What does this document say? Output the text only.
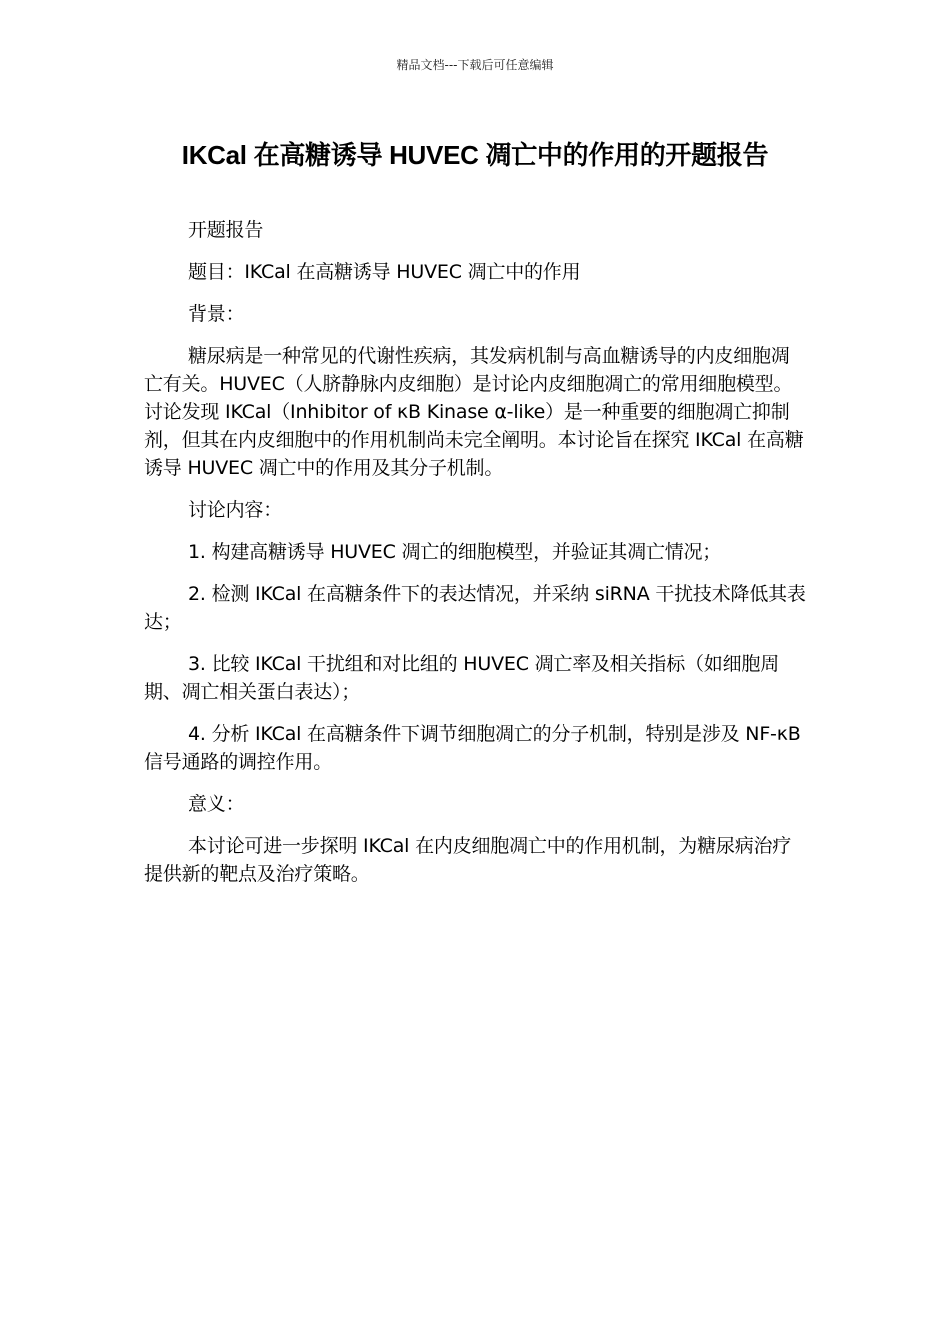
精品文档---下载后可任意编辑
IKCal 在高糖诱导 HUVEC 凋亡中的作用的开题报告

开题报告

题目：IKCal 在高糖诱导 HUVEC 凋亡中的作用

背景：

糖尿病是一种常见的代谢性疾病，其发病机制与高血糖诱导的内皮细胞凋亡有关。HUVEC（人脐静脉内皮细胞）是讨论内皮细胞凋亡的常用细胞模型。讨论发现 IKCal（Inhibitor of κB Kinase α-like）是一种重要的细胞凋亡抑制剂，但其在内皮细胞中的作用机制尚未完全阐明。本讨论旨在探究 IKCal 在高糖诱导 HUVEC 凋亡中的作用及其分子机制。

讨论内容：

1. 构建高糖诱导 HUVEC 凋亡的细胞模型，并验证其凋亡情况；

2. 检测 IKCal 在高糖条件下的表达情况，并采纳 siRNA 干扰技术降低其表达；

3. 比较 IKCal 干扰组和对比组的 HUVEC 凋亡率及相关指标（如细胞周期、凋亡相关蛋白表达）；

4. 分析 IKCal 在高糖条件下调节细胞凋亡的分子机制，特别是涉及 NF-κB 信号通路的调控作用。

意义：

本讨论可进一步探明 IKCal 在内皮细胞凋亡中的作用机制，为糖尿病治疗提供新的靶点及治疗策略。
